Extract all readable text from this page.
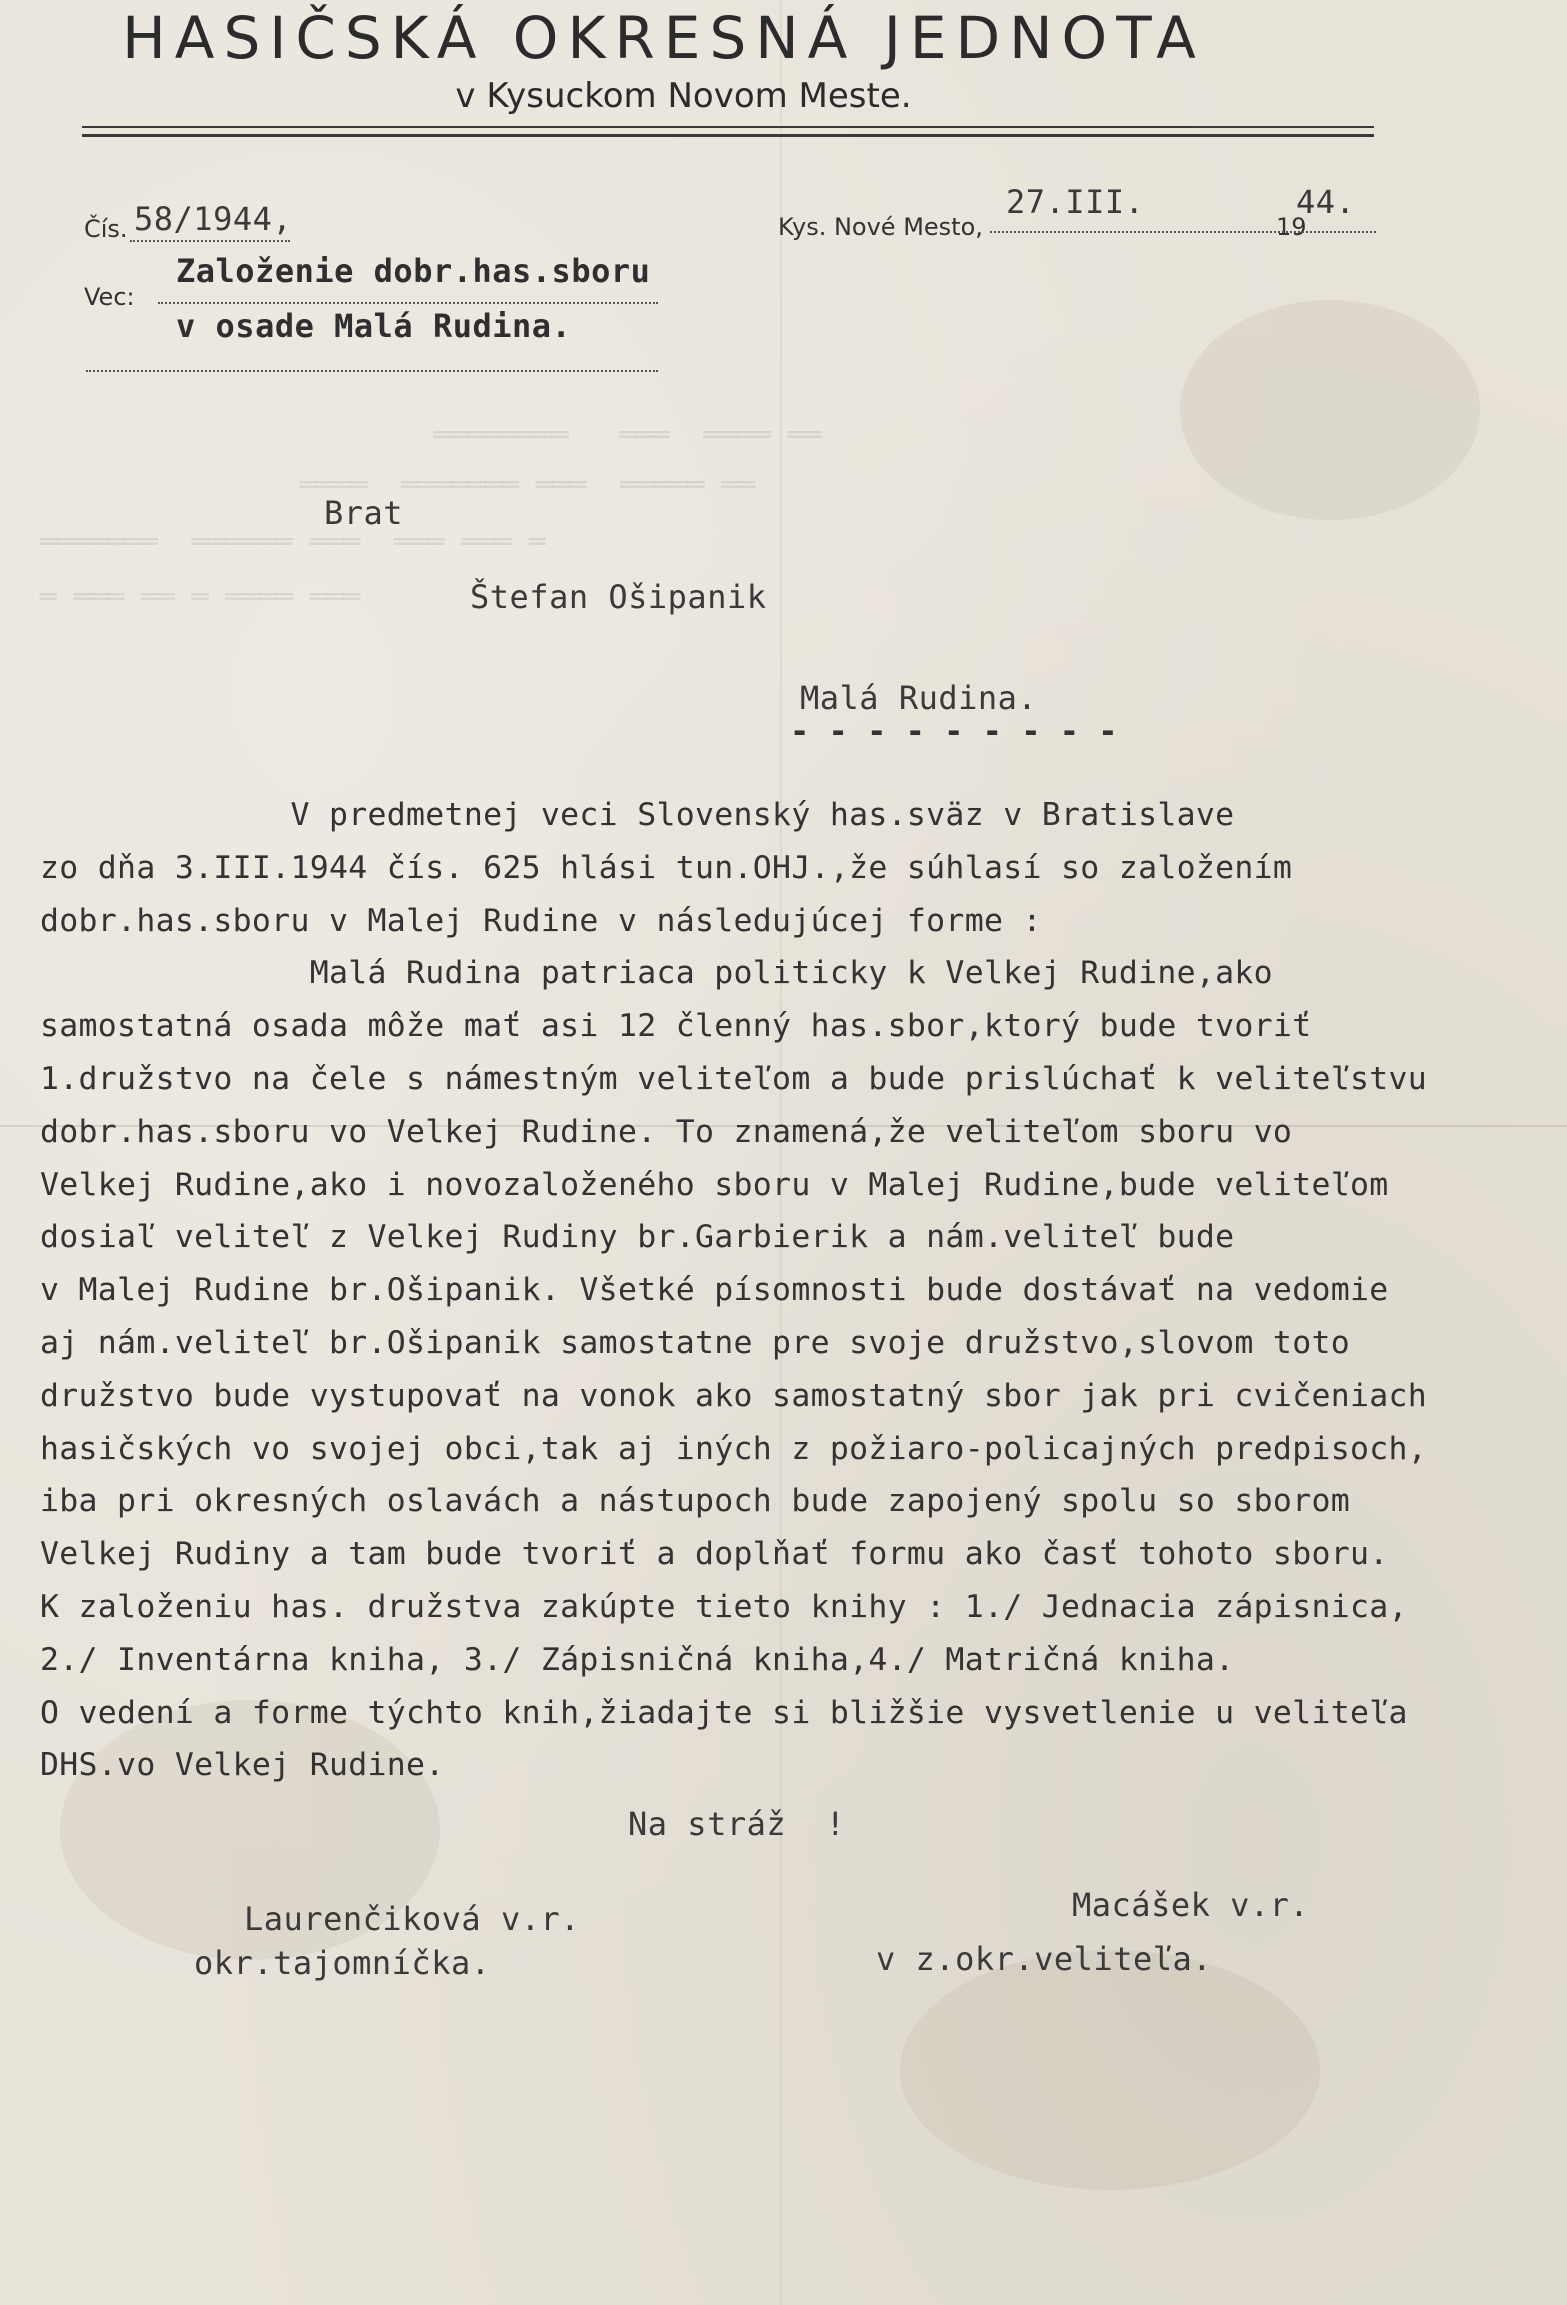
HASIČSKÁ OKRESNÁ JEDNOTA
v Kysuckom Novom Meste.
Čís. 58/1944,	Kys. Nové Mesto,
27.III.
19
44.
Vec:
Založenie dobr.has.sboru
v osade Malá Rudina.
════════   ═══  ════ ══
════  ═══════ ═══  ═════ ══
═══════  ══════ ═══  ═══ ═══ ═
═ ═══ ══ ═ ════ ═══
Brat
Štefan Ošipanik
Malá Rudina.
- - - - - - - - -
V predmetnej veci Slovenský has.sväz v Bratislave
zo dňa 3.III.1944 čís. 625 hlási tun.OHJ.,že súhlasí so založením
dobr.has.sboru v Malej Rudine v následujúcej forme :
Malá Rudina patriaca politicky k Velkej Rudine,ako
samostatná osada môže mať asi 12 členný has.sbor,ktorý bude tvoriť
1.družstvo na čele s námestným veliteľom a bude prislúchať k veliteľstvu
dobr.has.sboru vo Velkej Rudine. To znamená,že veliteľom sboru vo
Velkej Rudine,ako i novozaloženého sboru v Malej Rudine,bude veliteľom
dosiaľ veliteľ z Velkej Rudiny br.Garbierik a nám.veliteľ bude
v Malej Rudine br.Ošipanik. Všetké písomnosti bude dostávať na vedomie
aj nám.veliteľ br.Ošipanik samostatne pre svoje družstvo,slovom toto
družstvo bude vystupovať na vonok ako samostatný sbor jak pri cvičeniach
hasičských vo svojej obci,tak aj iných z požiaro-policajných predpisoch,
iba pri okresných oslavách a nástupoch bude zapojený spolu so sborom
Velkej Rudiny a tam bude tvoriť a doplňať formu ako časť tohoto sboru.
K založeniu has. družstva zakúpte tieto knihy : 1./ Jednacia zápisnica,
2./ Inventárna kniha, 3./ Zápisničná kniha,4./ Matričná kniha.
O vedení a forme týchto knih,žiadajte si bližšie vysvetlenie u veliteľa
DHS.vo Velkej Rudine.
Na stráž  !
Laurenčiková v.r.
okr.tajomníčka.
Macášek v.r.
v z.okr.veliteľa.
